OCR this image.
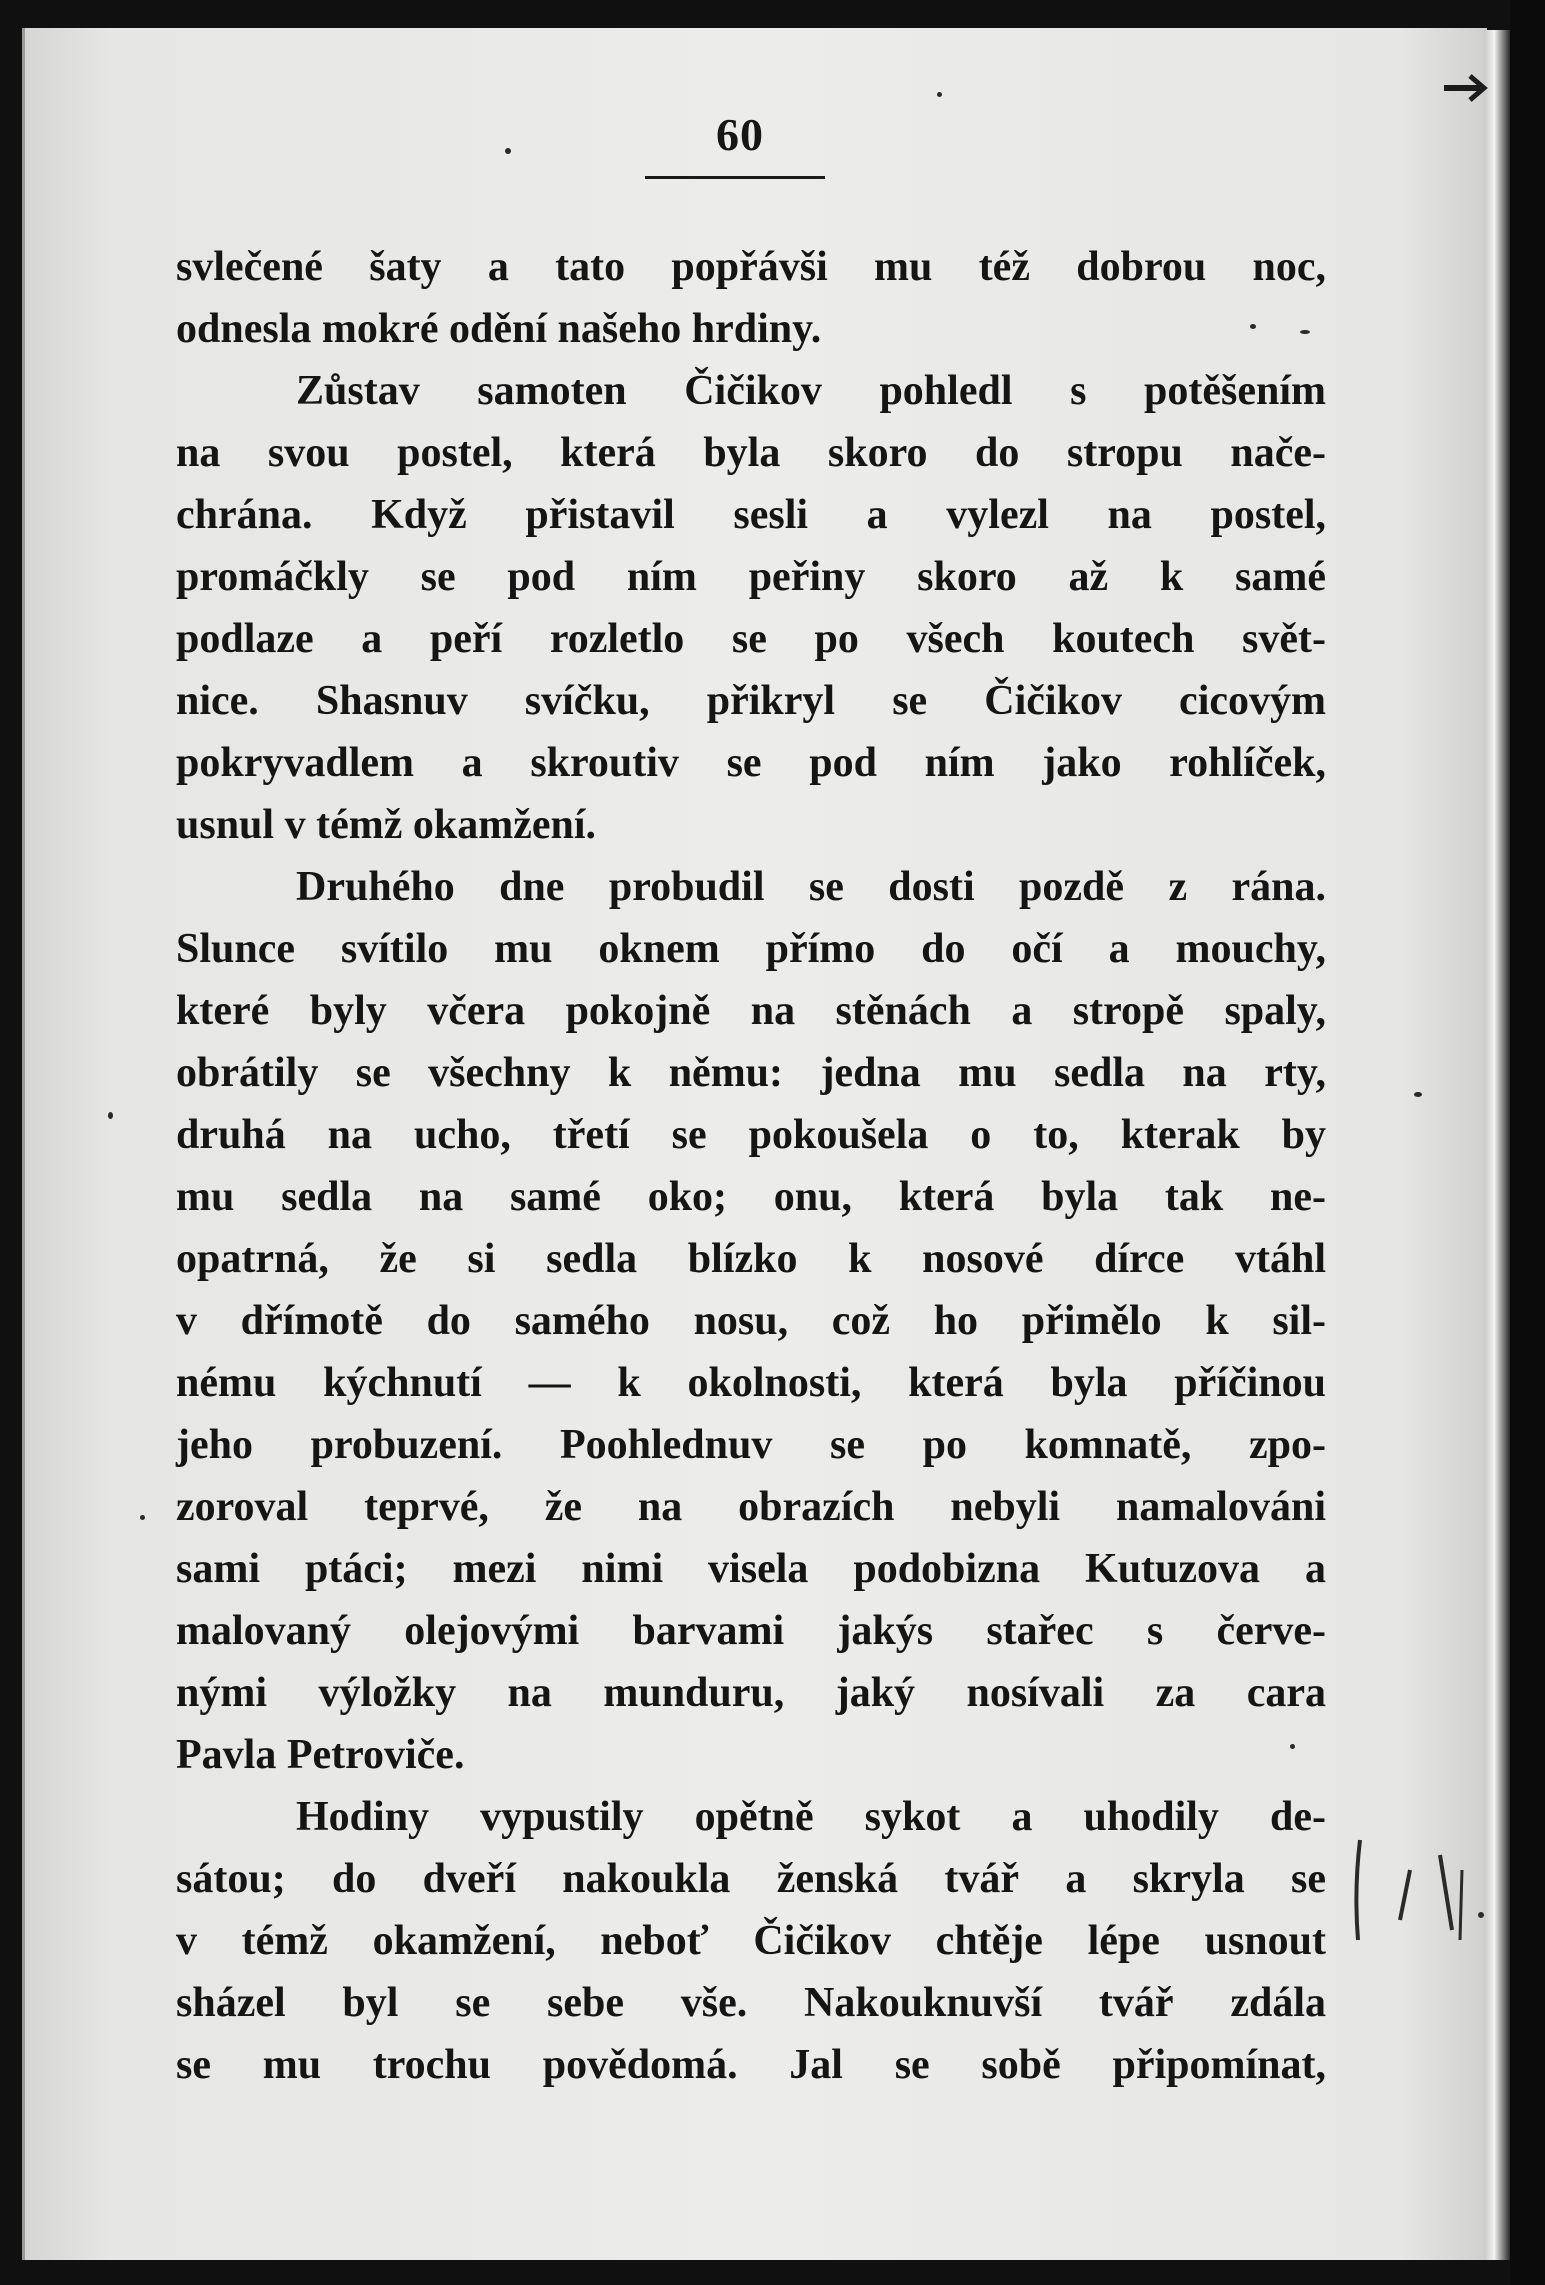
60
svlečené šaty a tato popřávši mu též dobrou noc,
odnesla mokré odění našeho hrdiny.
Zůstav samoten Čičikov pohledl s potěšením
na svou postel, která byla skoro do stropu nače-
chrána. Když přistavil sesli a vylezl na postel,
promáčkly se pod ním peřiny skoro až k samé
podlaze a peří rozletlo se po všech koutech svět-
nice. Shasnuv svíčku, přikryl se Čičikov cicovým
pokryvadlem a skroutiv se pod ním jako rohlíček,
usnul v témž okamžení.
Druhého dne probudil se dosti pozdě z rána.
Slunce svítilo mu oknem přímo do očí a mouchy,
které byly včera pokojně na stěnách a stropě spaly,
obrátily se všechny k němu: jedna mu sedla na rty,
druhá na ucho, třetí se pokoušela o to, kterak by
mu sedla na samé oko; onu, která byla tak ne-
opatrná, že si sedla blízko k nosové dírce vtáhl
v dřímotě do samého nosu, což ho přimělo k sil-
nému kýchnutí — k okolnosti, která byla příčinou
jeho probuzení. Poohlednuv se po komnatě, zpo-
zoroval teprvé, že na obrazích nebyli namalováni
sami ptáci; mezi nimi visela podobizna Kutuzova a
malovaný olejovými barvami jakýs stařec s červe-
nými výložky na munduru, jaký nosívali za cara
Pavla Petroviče.
Hodiny vypustily opětně sykot a uhodily de-
sátou; do dveří nakoukla ženská tvář a skryla se
v témž okamžení, neboť Čičikov chtěje lépe usnout
sházel byl se sebe vše. Nakouknuvší tvář zdála
se mu trochu povědomá. Jal se sobě připomínat,
